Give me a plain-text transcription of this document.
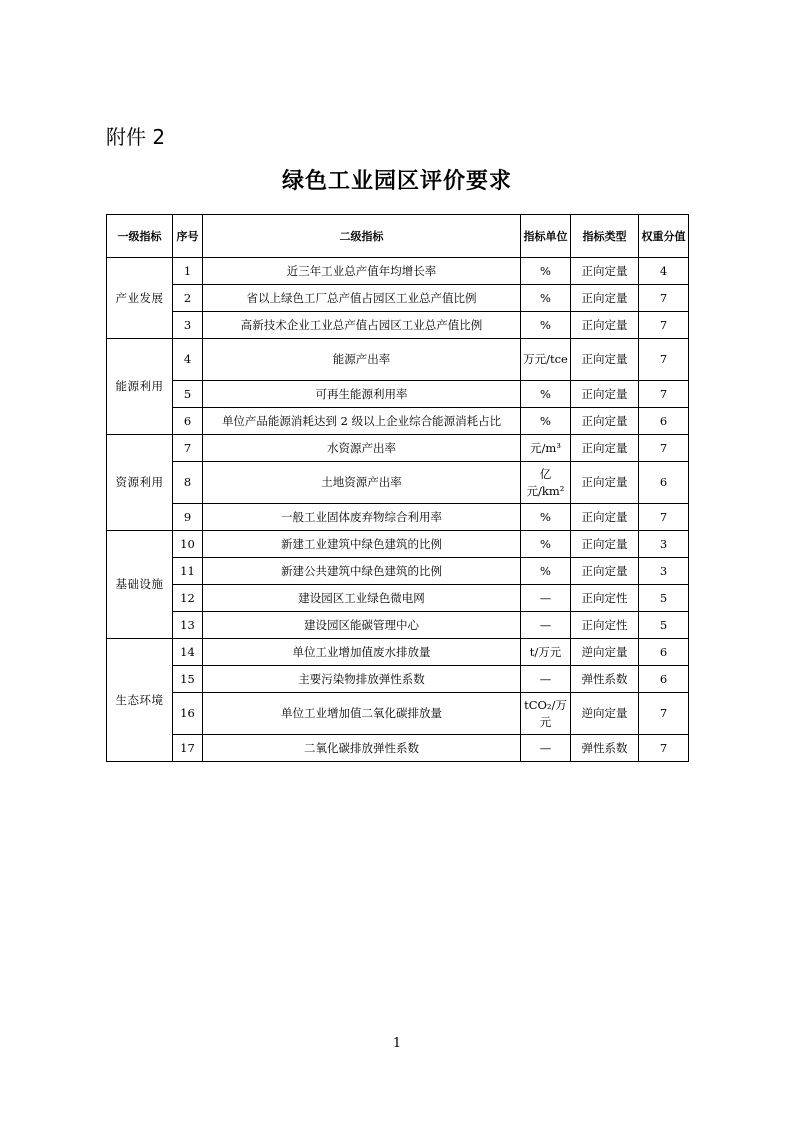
附件 2
绿色工业园区评价要求
一级指标	序号	二级指标	指标单位	指标类型	权重分值
产业发展	1	近三年工业总产值年均增长率	%	正向定量	4
	2	省以上绿色工厂总产值占园区工业总产值比例	%	正向定量	7
	3	高新技术企业工业总产值占园区工业总产值比例	%	正向定量	7
能源利用	4	能源产出率	万元/tce	正向定量	7
	5	可再生能源利用率	%	正向定量	7
	6	单位产品能源消耗达到 2 级以上企业综合能源消耗占比	%	正向定量	6
资源利用	7	水资源产出率	元/m³	正向定量	7
	8	土地资源产出率	亿元/km²	正向定量	6
	9	一般工业固体废弃物综合利用率	%	正向定量	7
基础设施	10	新建工业建筑中绿色建筑的比例	%	正向定量	3
	11	新建公共建筑中绿色建筑的比例	%	正向定量	3
	12	建设园区工业绿色微电网	—	正向定性	5
	13	建设园区能碳管理中心	—	正向定性	5
生态环境	14	单位工业增加值废水排放量	t/万元	逆向定量	6
	15	主要污染物排放弹性系数	—	弹性系数	6
	16	单位工业增加值二氧化碳排放量	tCO₂/万元	逆向定量	7
	17	二氧化碳排放弹性系数	—	弹性系数	7
1
